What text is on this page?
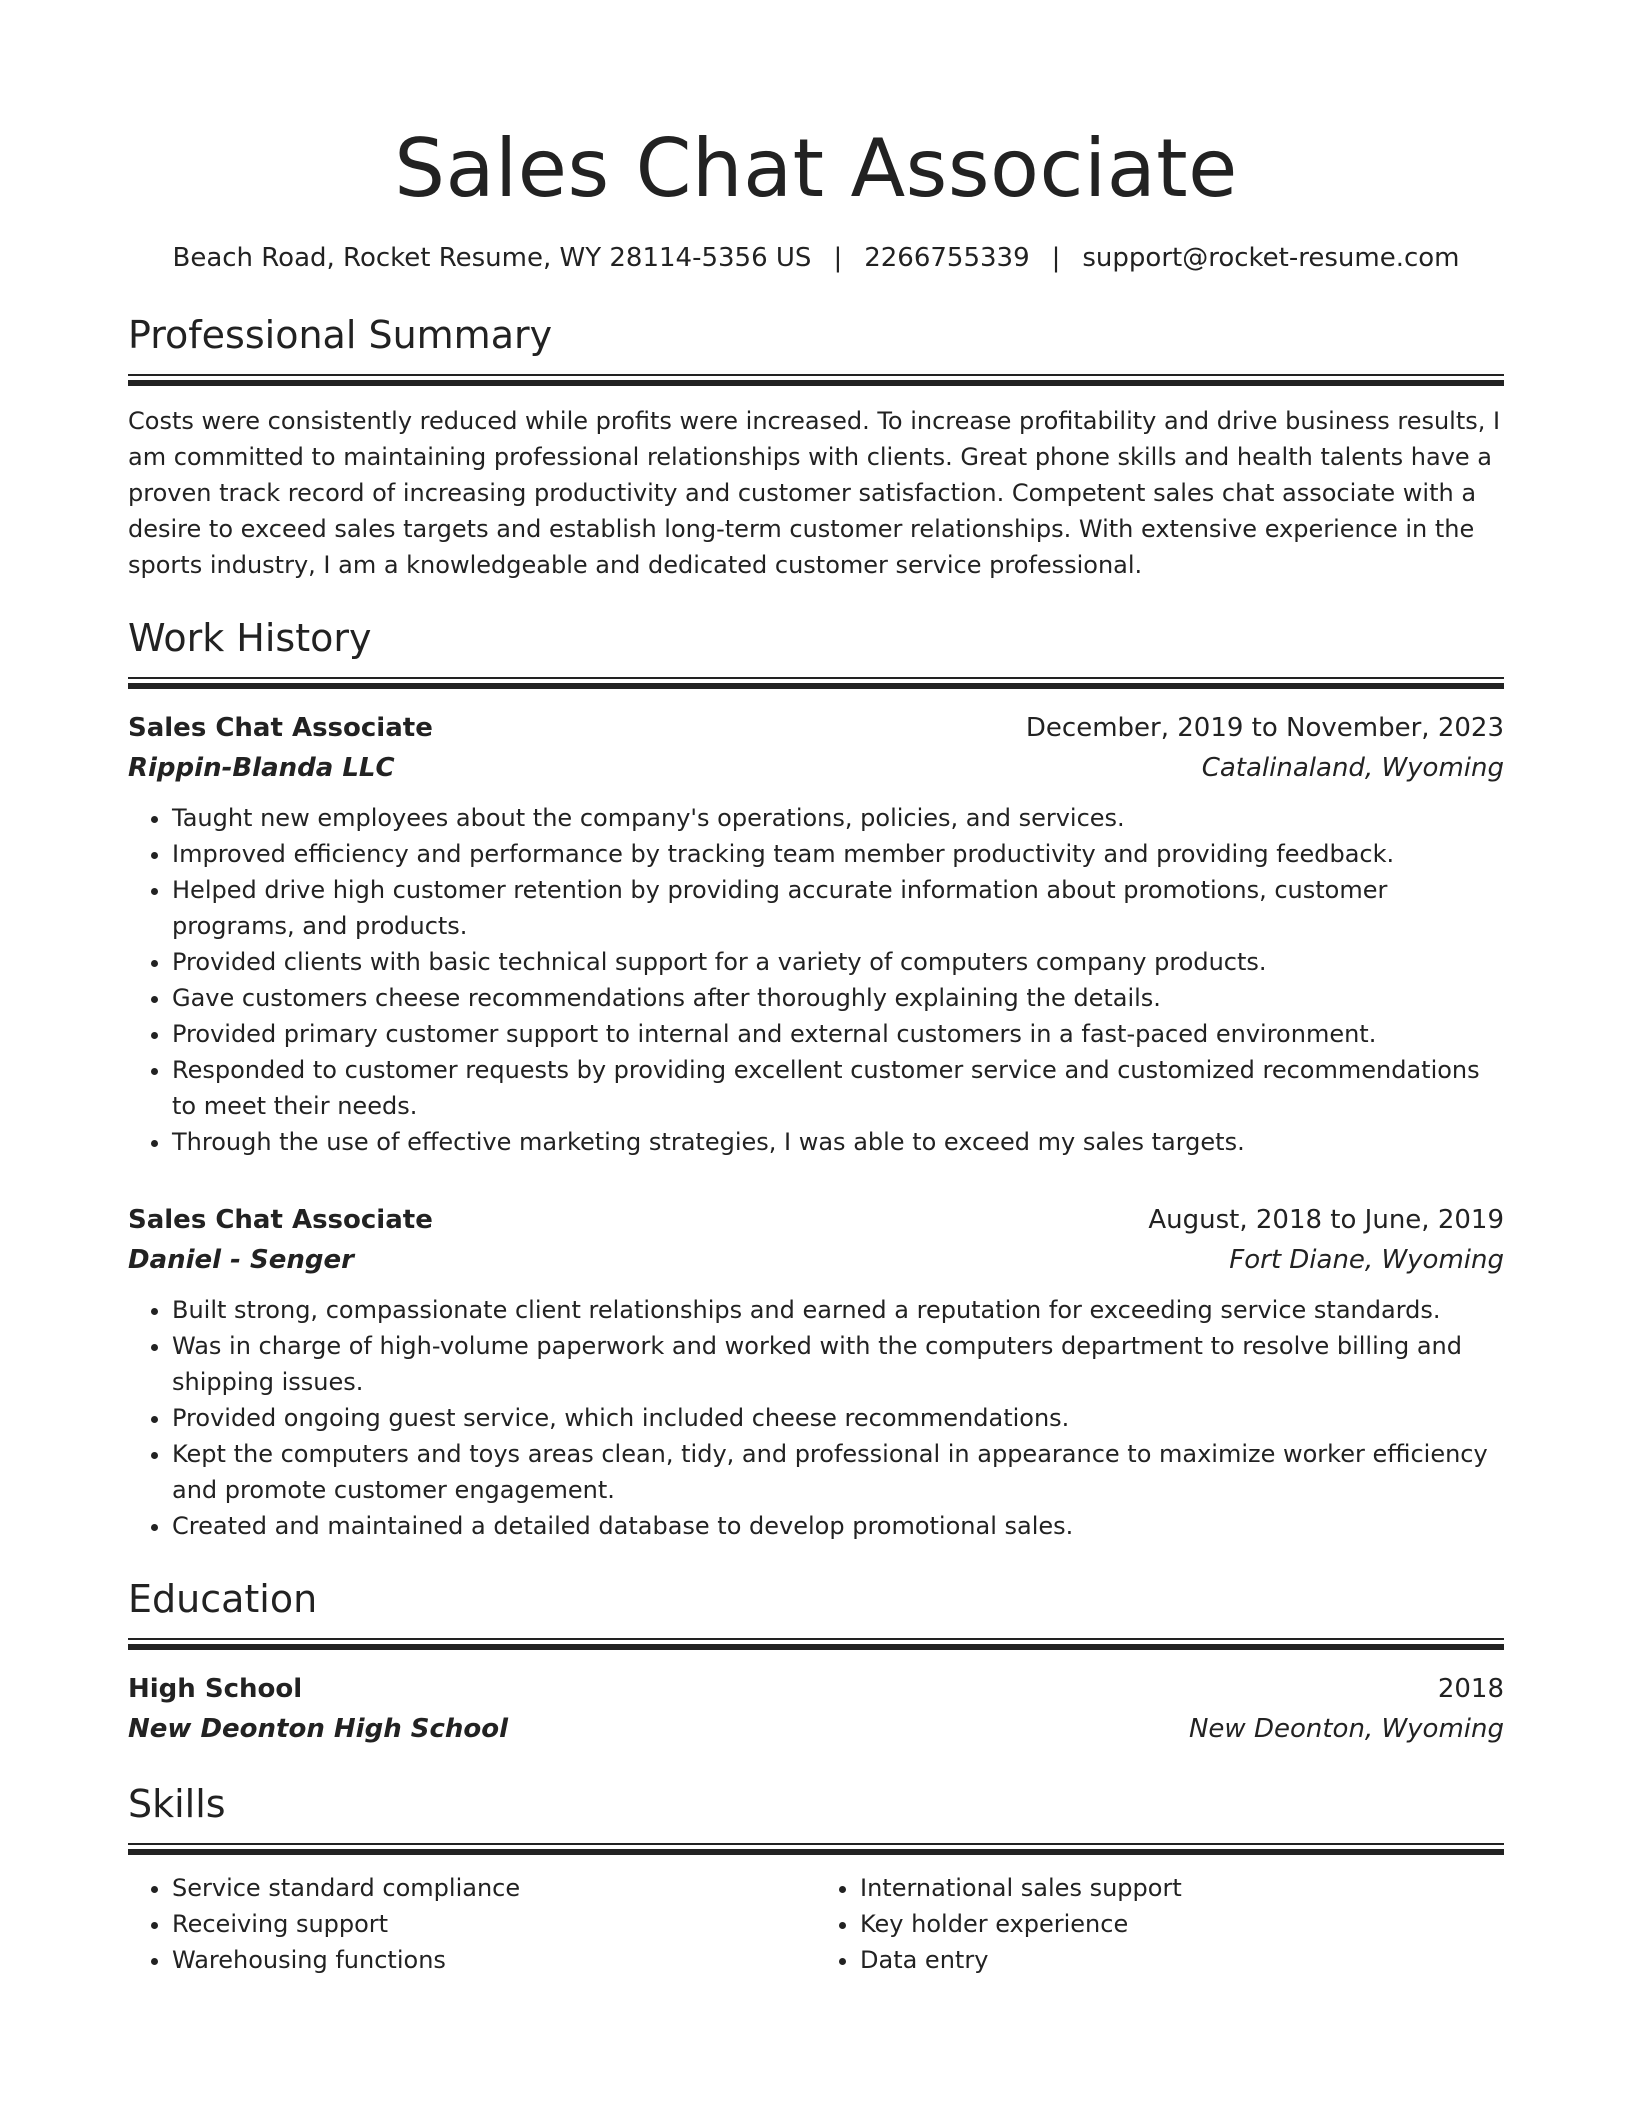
Sales Chat Associate
Beach Road, Rocket Resume, WY 28114-5356 US | 2266755339 | support@rocket-resume.com
Professional Summary
Costs were consistently reduced while profits were increased. To increase profitability and drive business results, I am committed to maintaining professional relationships with clients. Great phone skills and health talents have a proven track record of increasing productivity and customer satisfaction. Competent sales chat associate with a desire to exceed sales targets and establish long-term customer relationships. With extensive experience in the sports industry, I am a knowledgeable and dedicated customer service professional.
Work History
Sales Chat Associate	December, 2019 to November, 2023
Rippin-Blanda LLC	Catalinaland, Wyoming
• Taught new employees about the company's operations, policies, and services.
• Improved efficiency and performance by tracking team member productivity and providing feedback.
• Helped drive high customer retention by providing accurate information about promotions, customer programs, and products.
• Provided clients with basic technical support for a variety of computers company products.
• Gave customers cheese recommendations after thoroughly explaining the details.
• Provided primary customer support to internal and external customers in a fast-paced environment.
• Responded to customer requests by providing excellent customer service and customized recommendations to meet their needs.
• Through the use of effective marketing strategies, I was able to exceed my sales targets.
Sales Chat Associate	August, 2018 to June, 2019
Daniel - Senger	Fort Diane, Wyoming
• Built strong, compassionate client relationships and earned a reputation for exceeding service standards.
• Was in charge of high-volume paperwork and worked with the computers department to resolve billing and shipping issues.
• Provided ongoing guest service, which included cheese recommendations.
• Kept the computers and toys areas clean, tidy, and professional in appearance to maximize worker efficiency and promote customer engagement.
• Created and maintained a detailed database to develop promotional sales.
Education
High School	2018
New Deonton High School	New Deonton, Wyoming
Skills
• Service standard compliance
• Receiving support
• Warehousing functions
• International sales support
• Key holder experience
• Data entry
